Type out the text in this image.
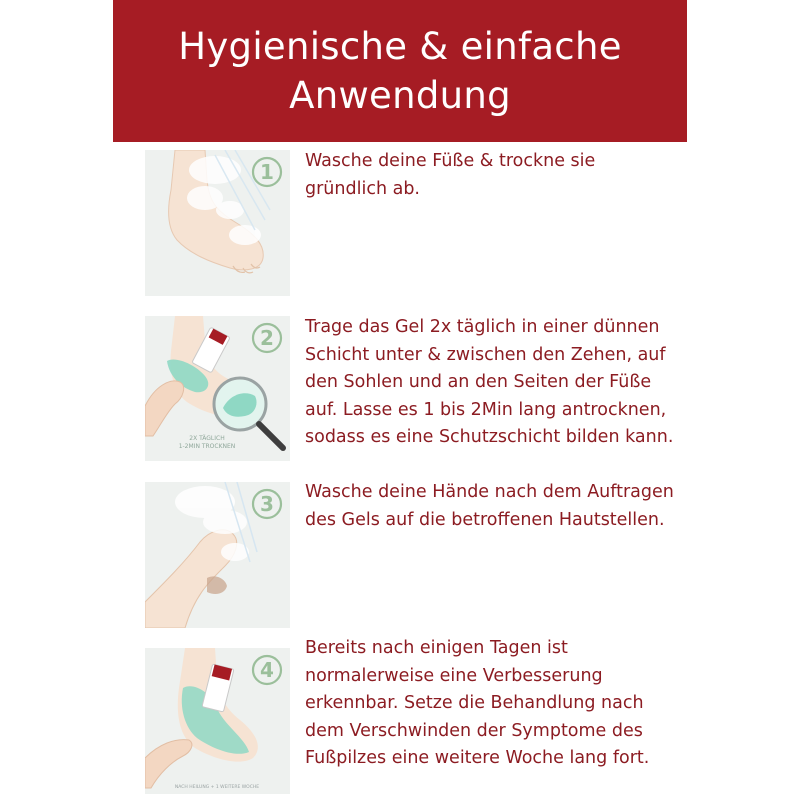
Hygienische & einfache
Anwendung
1 Wasche deine Füße & trockne sie
gründlich ab.

2X TÄGLICH
1-2MIN TROCKNEN
2 Trage das Gel 2x täglich in einer dünnen
Schicht unter & zwischen den Zehen, auf
den Sohlen und an den Seiten der Füße
auf. Lasse es 1 bis 2Min lang antrocknen,
sodass es eine Schutzschicht bilden kann.

3 Wasche deine Hände nach dem Auftragen
des Gels auf die betroffenen Hautstellen.

NACH HEILUNG + 1 WEITERE WOCHE
4

Bereits nach einigen Tagen ist
normalerweise eine Verbesserung
erkennbar. Setze die Behandlung nach
dem Verschwinden der Symptome des
Fußpilzes eine weitere Woche lang fort.
